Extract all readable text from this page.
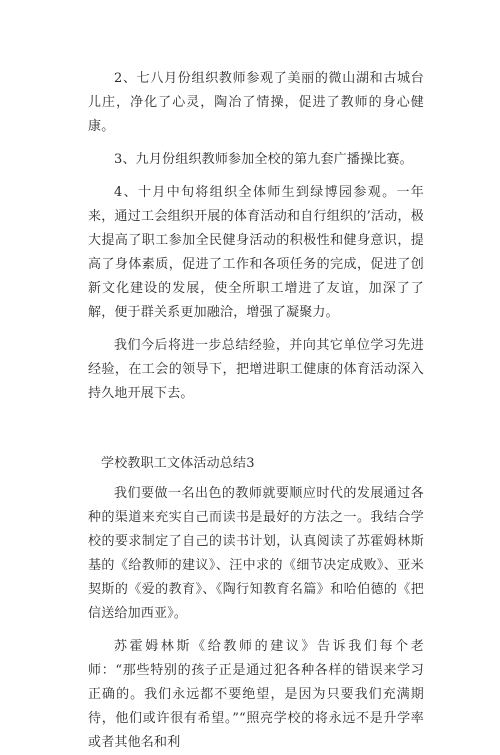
2、七八月份组织教师参观了美丽的微山湖和古城台儿庄，净化了心灵，陶冶了情操，促进了教师的身心健康。

3、九月份组织教师参加全校的第九套广播操比赛。

4、十月中旬将组织全体师生到绿博园参观。一年来，通过工会组织开展的体育活动和自行组织的’活动，极大提高了职工参加全民健身活动的积极性和健身意识，提高了身体素质，促进了工作和各项任务的完成，促进了创新文化建设的发展，使全所职工增进了友谊，加深了了解，便于群关系更加融洽，增强了凝聚力。

我们今后将进一步总结经验，并向其它单位学习先进经验，在工会的领导下，把增进职工健康的体育活动深入持久地开展下去。

学校教职工文体活动总结3

我们要做一名出色的教师就要顺应时代的发展通过各种的渠道来充实自己而读书是最好的方法之一。我结合学校的要求制定了自己的读书计划，认真阅读了苏霍姆林斯基的《给教师的建议》、汪中求的《细节决定成败》、亚米契斯的《爱的教育》、《陶行知教育名篇》和哈伯德的《把信送给加西亚》。

苏霍姆林斯《给教师的建议》告诉我们每个老师：“那些特别的孩子正是通过犯各种各样的错误来学习正确的。我们永远都不要绝望，是因为只要我们充满期待，他们或许很有希望。”“照亮学校的将永远不是升学率或者其他名和利
